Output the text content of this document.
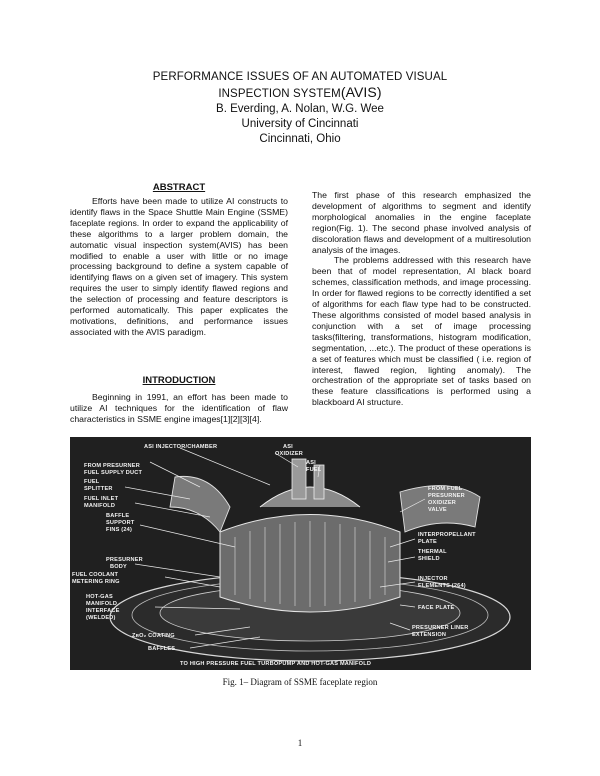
PERFORMANCE ISSUES OF AN AUTOMATED VISUAL
INSPECTION SYSTEM(AVIS)
B. Everding, A. Nolan, W.G. Wee
University of Cincinnati
Cincinnati, Ohio
ABSTRACT

Efforts have been made to utilize AI constructs to identify flaws in the Space Shuttle Main Engine (SSME) faceplate regions. In order to expand the applicability of these algorithms to a larger problem domain, the automatic visual inspection system(AVIS) has been modified to enable a user with little or no image processing background to define a system capable of identifying flaws on a given set of imagery. This system requires the user to simply identify flawed regions and the selection of processing and feature descriptors is performed automatically. This paper explicates the motivations, definitions, and performance issues associated with the AVIS paradigm.

INTRODUCTION

Beginning in 1991, an effort has been made to utilize AI techniques for the identification of flaw characteristics in SSME engine images[1][2][3][4].

The first phase of this research emphasized the development of algorithms to segment and identify morphological anomalies in the engine faceplate region(Fig. 1). The second phase involved analysis of discoloration flaws and development of a multiresolution analysis of the images.

The problems addressed with this research have been that of model representation, AI black board schemes, classification methods, and image processing. In order for flawed regions to be correctly identified a set of algorithms for each flaw type had to be constructed. These algorithms consisted of model based analysis in conjunction with a set of image processing tasks(filtering, transformations, histogram modification, segmentation, ...etc.). The product of these operations is a set of features which must be classified ( i.e. region of interest, flawed region, lighting anomaly). The orchestration of the appropriate set of tasks based on these feature classifications is performed using a blackboard AI structure.

ASI INJECTOR/CHAMBER	ASI
OXIDIZER
ASI
FUEL
FROM PRESURNER
FUEL SUPPLY DUCT
FUEL
SPLITTER
FUEL INLET
MANIFOLD
BAFFLE
SUPPORT
FINS (24)
PRESURNER
BODY
FUEL COOLANT
METERING RING
HOT-GAS
MANIFOLD
INTERFACE
(WELDED)
ZʀO₂ COATING
BAFFLES
TO HIGH PRESSURE FUEL TURBOPUMP AND HOT-GAS MANIFOLD
FROM FUEL
PRESURNER
OXIDIZER
VALVE
INTERPROPELLANT
PLATE
THERMAL
SHIELD
INJECTOR
ELEMENTS (264)
FACE PLATE
PRESURNER LINER
EXTENSION
Fig. 1– Diagram of SSME faceplate region
1
